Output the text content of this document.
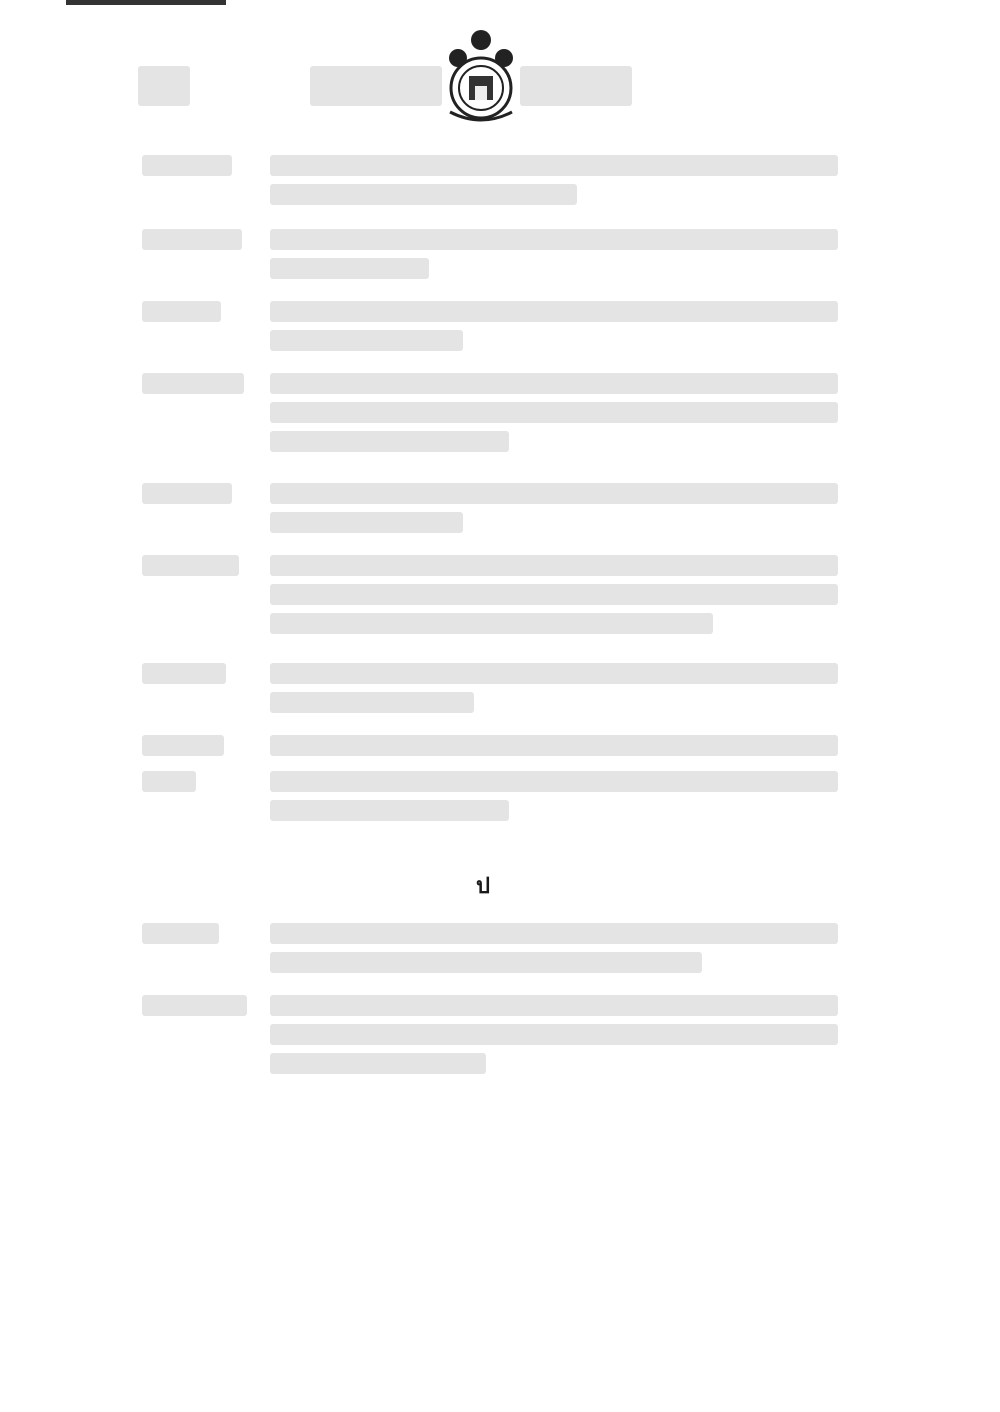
ป
